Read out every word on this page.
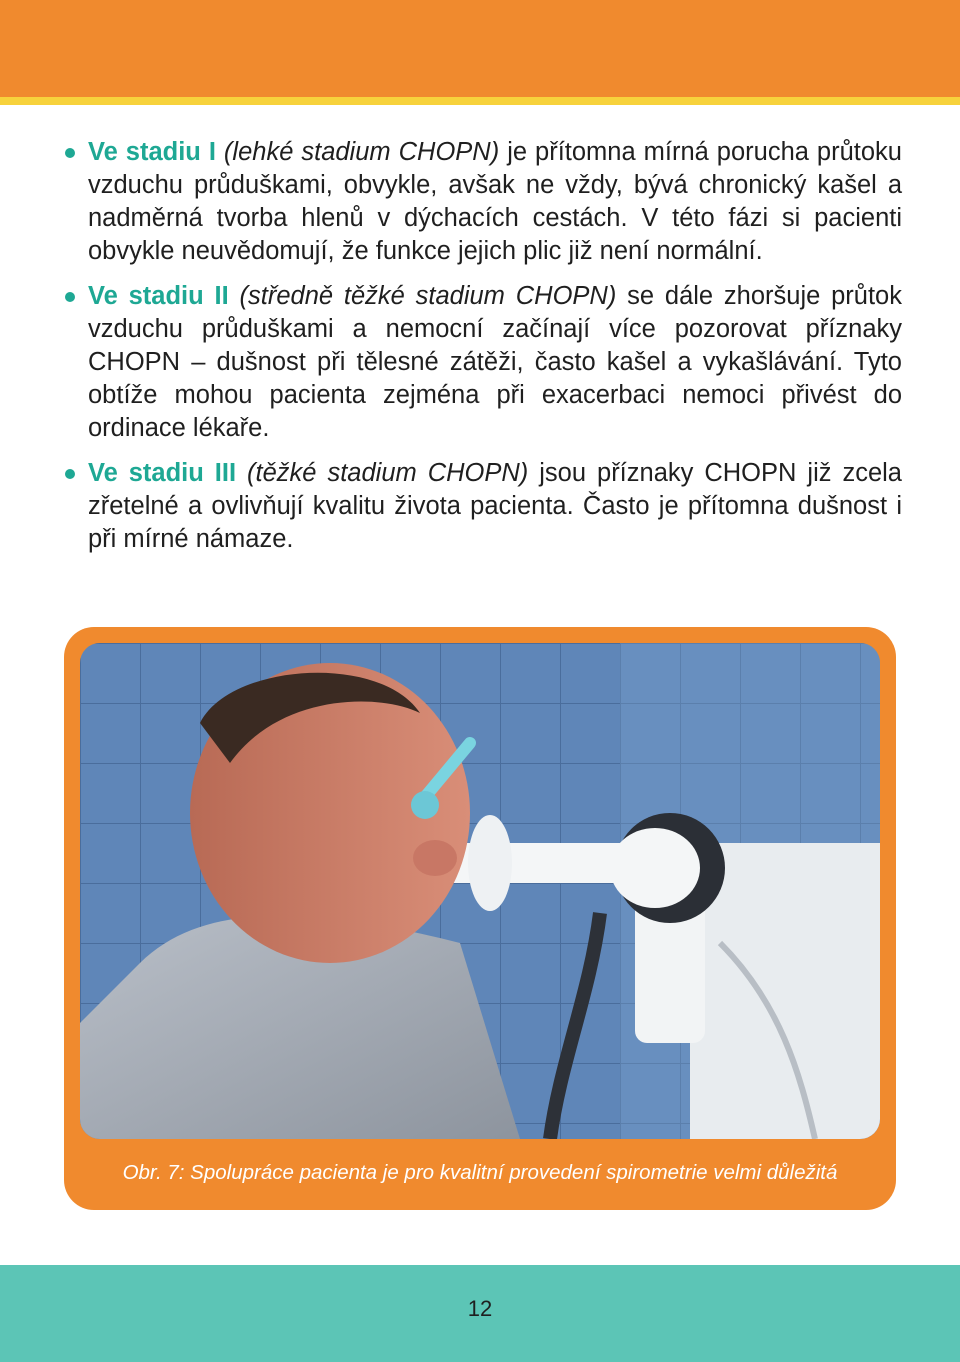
Ve stadiu I (lehké stadium CHOPN) je přítomna mírná porucha průtoku vzduchu průduškami, obvykle, avšak ne vždy, bývá chronický kašel a nadměrná tvorba hlenů v dýchacích cestách. V této fázi si pacienti obvykle neuvědomují, že funkce jejich plic již není normální.
Ve stadiu II (středně těžké stadium CHOPN) se dále zhoršuje průtok vzduchu průduškami a nemocní začínají více pozorovat příznaky CHOPN – dušnost při tělesné zátěži, často kašel a vykašlávání. Tyto obtíže mohou pacienta zejména při exacerbaci nemoci přivést do ordinace lékaře.
Ve stadiu III (těžké stadium CHOPN) jsou příznaky CHOPN již zcela zřetelné a ovlivňují kvalitu života pacienta. Často je přítomna dušnost i při mírné námaze.
Obr. 7: Spolupráce pacienta je pro kvalitní provedení spirometrie velmi důležitá
12
